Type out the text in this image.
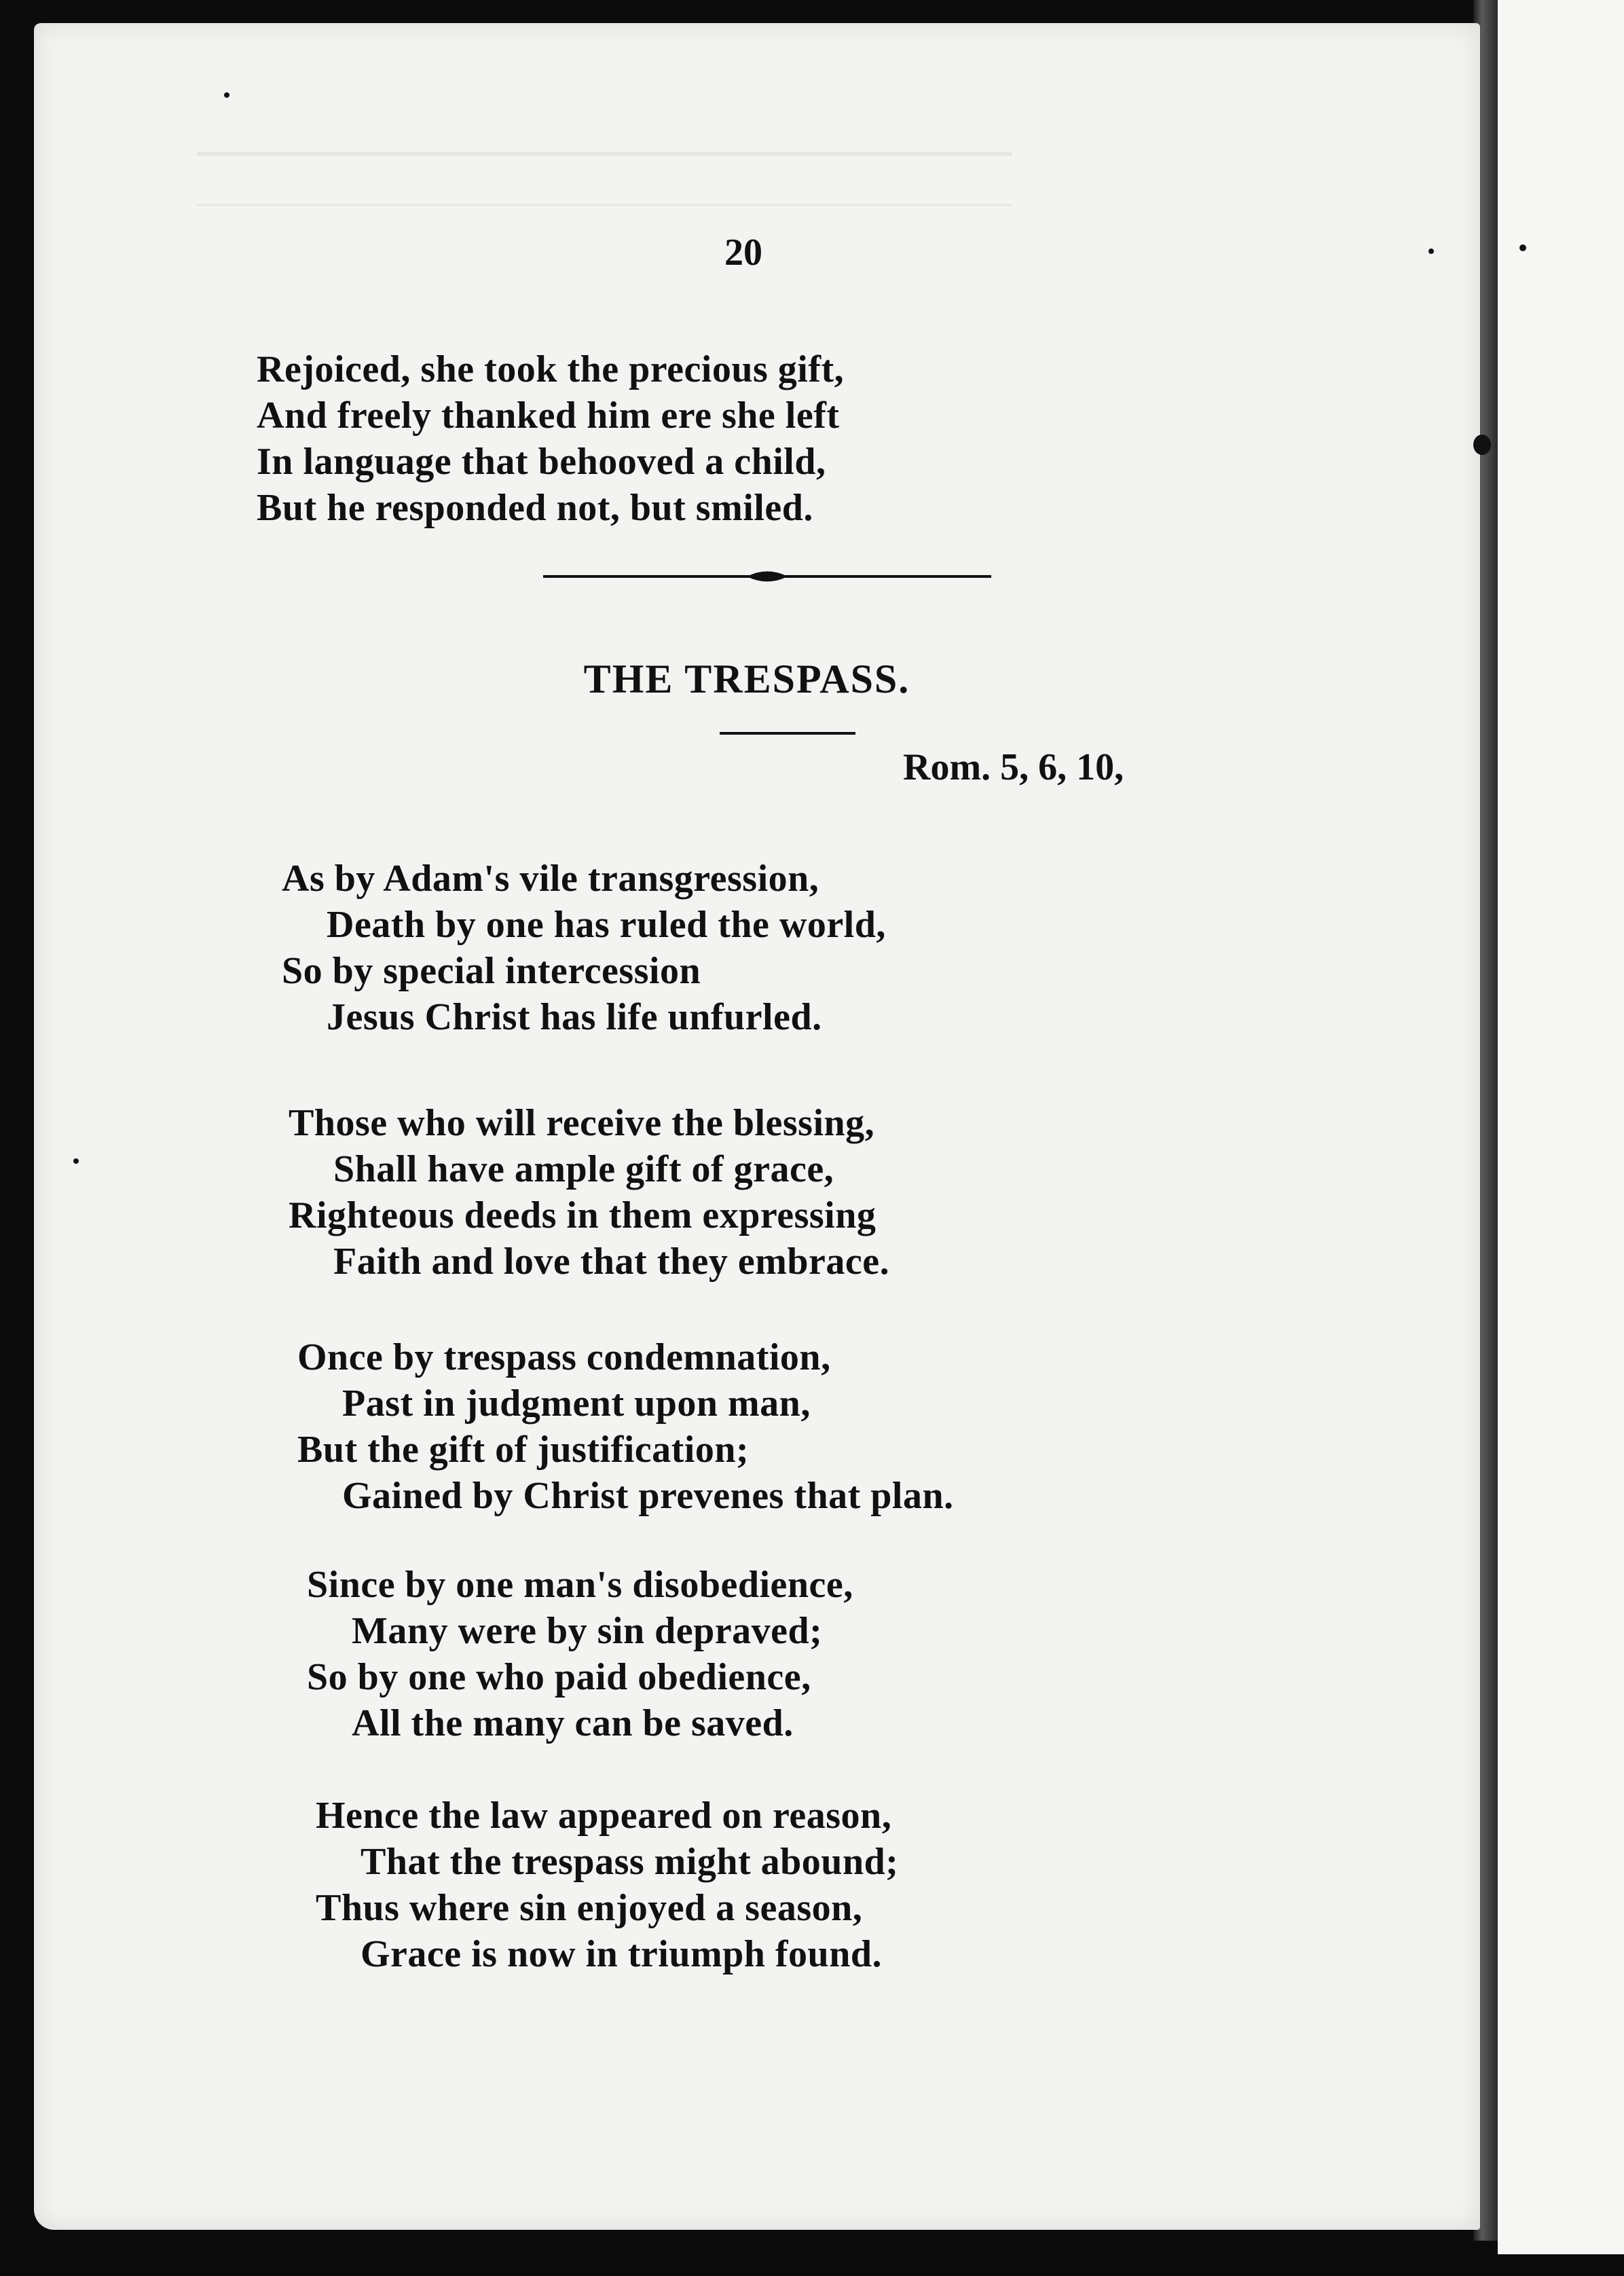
20
Rejoiced, she took the precious gift,
And freely thanked him ere she left
In language that behooved a child,
But he responded not, but smiled.
THE TRESPASS.
Rom. 5, 6, 10,
As by Adam's vile transgression,
Death by one has ruled the world,
So by special intercession
Jesus Christ has life unfurled.
Those who will receive the blessing,
Shall have ample gift of grace,
Righteous deeds in them expressing
Faith and love that they embrace.
Once by trespass condemnation,
Past in judgment upon man,
But the gift of justification;
Gained by Christ prevenes that plan.
Since by one man's disobedience,
Many were by sin depraved;
So by one who paid obedience,
All the many can be saved.
Hence the law appeared on reason,
That the trespass might abound;
Thus where sin enjoyed a season,
Grace is now in triumph found.
